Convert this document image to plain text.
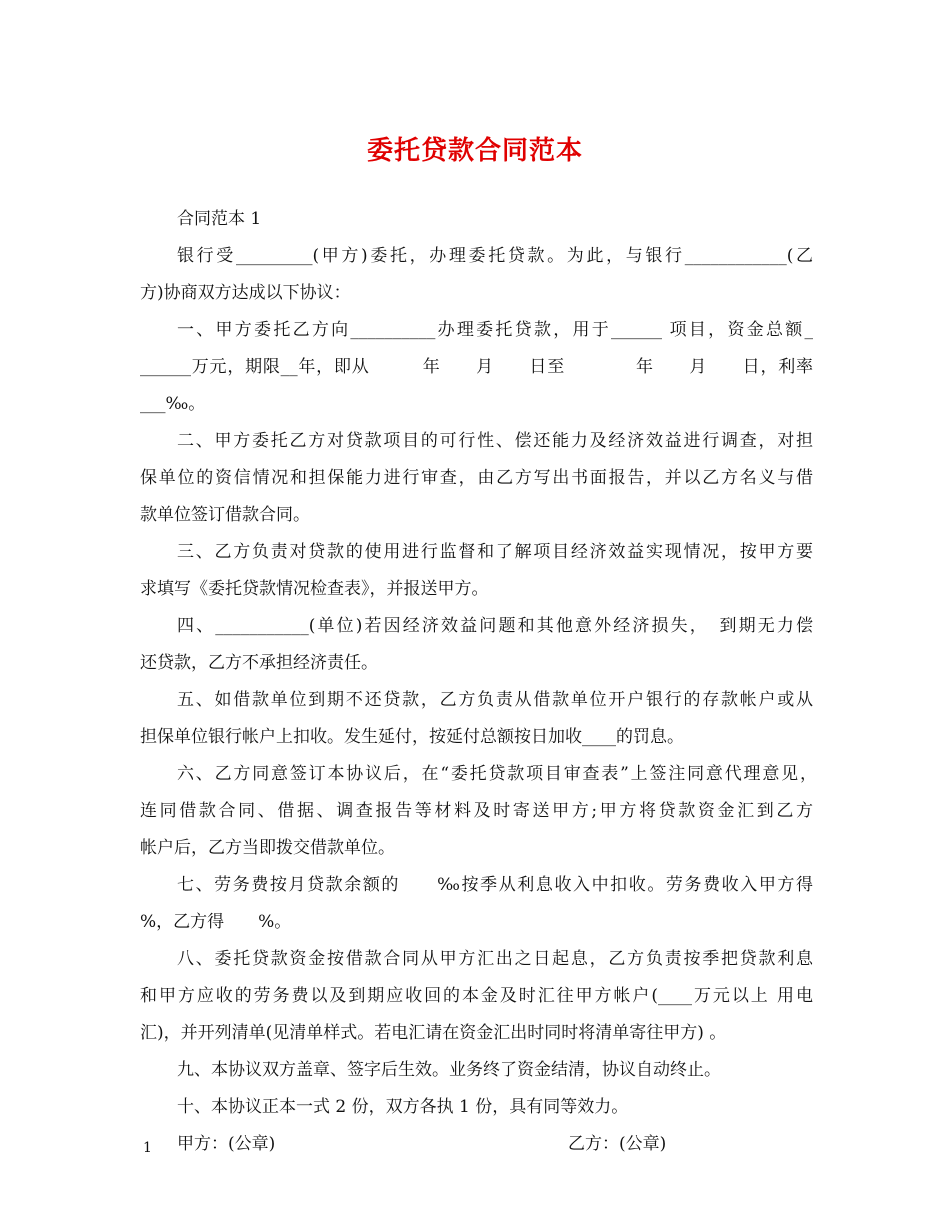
委托贷款合同范本
合同范本 1
银行受_________(甲方)委托，办理委托贷款。为此，与银行____________(乙
方)协商双方达成以下协议：
一、甲方委托乙方向__________办理委托贷款，用于______ 项目，资金总额_
______万元，期限__年，即从　　　年　　月　　日至　　　　年　　月　　日，利率
___‰。
二、甲方委托乙方对贷款项目的可行性、偿还能力及经济效益进行调查，对担
保单位的资信情况和担保能力进行审查，由乙方写出书面报告，并以乙方名义与借
款单位签订借款合同。
三、乙方负责对贷款的使用进行监督和了解项目经济效益实现情况，按甲方要
求填写《委托贷款情况检查表》，并报送甲方。
四、___________(单位)若因经济效益问题和其他意外经济损失，　到期无力偿
还贷款，乙方不承担经济责任。
五、如借款单位到期不还贷款，乙方负责从借款单位开户银行的存款帐户或从
担保单位银行帐户上扣收。发生延付，按延付总额按日加收____的罚息。
六、乙方同意签订本协议后，在“委托贷款项目审查表”上签注同意代理意见，
连同借款合同、借据、调查报告等材料及时寄送甲方;甲方将贷款资金汇到乙方
帐户后，乙方当即拨交借款单位。
七、劳务费按月贷款余额的　　‰按季从利息收入中扣收。劳务费收入甲方得
%，乙方得　　%。
八、委托贷款资金按借款合同从甲方汇出之日起息，乙方负责按季把贷款利息
和甲方应收的劳务费以及到期应收回的本金及时汇往甲方帐户(____万元以上 用电
汇)，并开列清单(见清单样式。若电汇请在资金汇出时同时将清单寄往甲方) 。
九、本协议双方盖章、签字后生效。业务终了资金结清，协议自动终止。
十、本协议正本一式 2 份，双方各执 1 份，具有同等效力。
甲方：(公章)	乙方：(公章)
1
